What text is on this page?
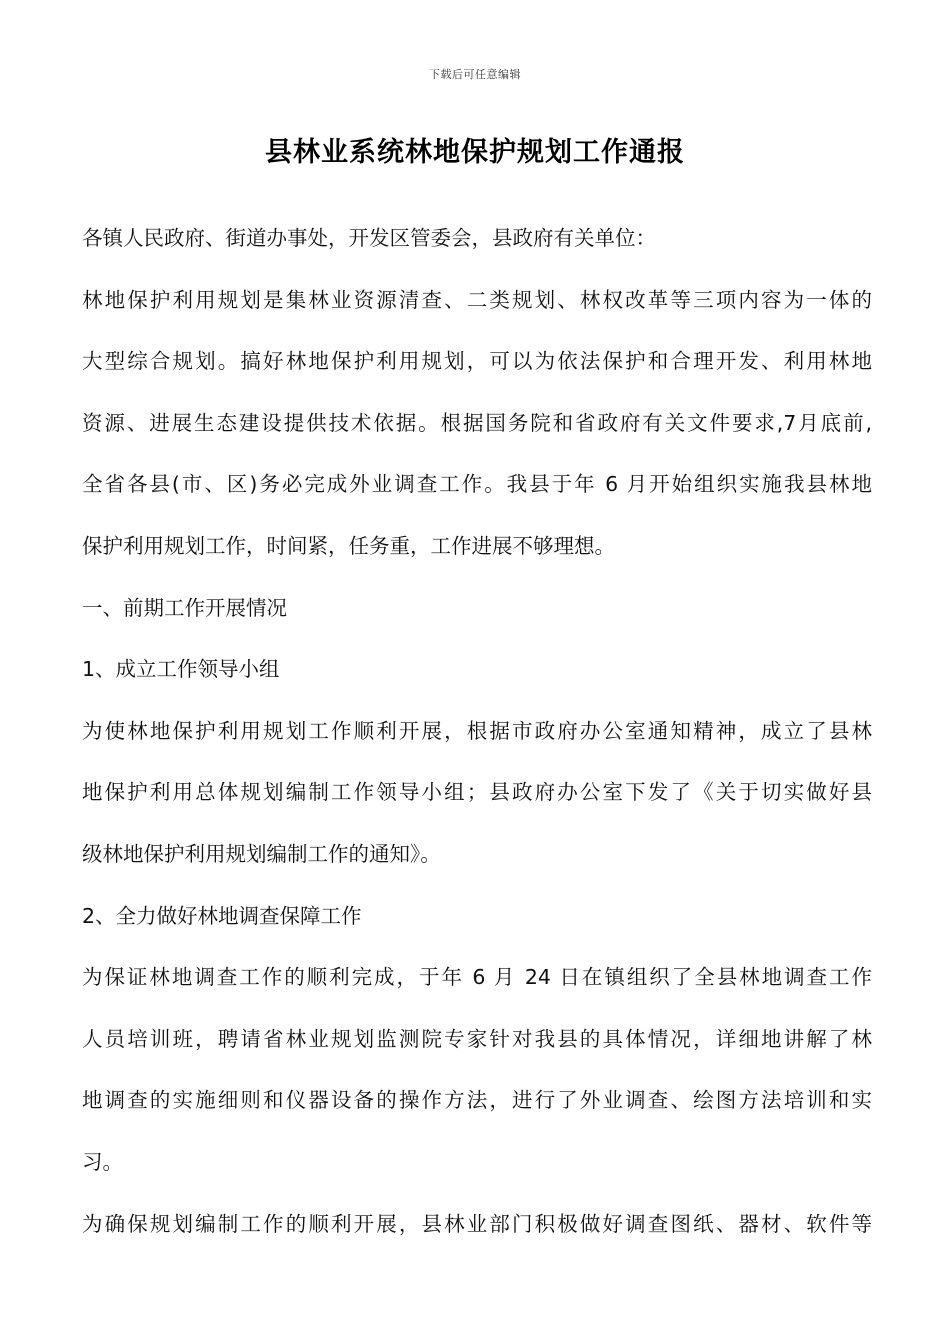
下载后可任意编辑
县林业系统林地保护规划工作通报
各镇人民政府、街道办事处，开发区管委会，县政府有关单位：
林地保护利用规划是集林业资源清查、二类规划、林权改革等三项内容为一体的
大型综合规划。搞好林地保护利用规划，可以为依法保护和合理开发、利用林地
资源、进展生态建设提供技术依据。根据国务院和省政府有关文件要求,7月底前,
全省各县(市、区)务必完成外业调查工作。我县于年 6 月开始组织实施我县林地
保护利用规划工作，时间紧，任务重，工作进展不够理想。
一、前期工作开展情况
1、成立工作领导小组
为使林地保护利用规划工作顺利开展，根据市政府办公室通知精神，成立了县林
地保护利用总体规划编制工作领导小组；县政府办公室下发了《关于切实做好县
级林地保护利用规划编制工作的通知》。
2、全力做好林地调查保障工作
为保证林地调查工作的顺利完成，于年 6 月 24 日在镇组织了全县林地调查工作
人员培训班，聘请省林业规划监测院专家针对我县的具体情况，详细地讲解了林
地调查的实施细则和仪器设备的操作方法，进行了外业调查、绘图方法培训和实
习。
为确保规划编制工作的顺利开展，县林业部门积极做好调查图纸、器材、软件等
